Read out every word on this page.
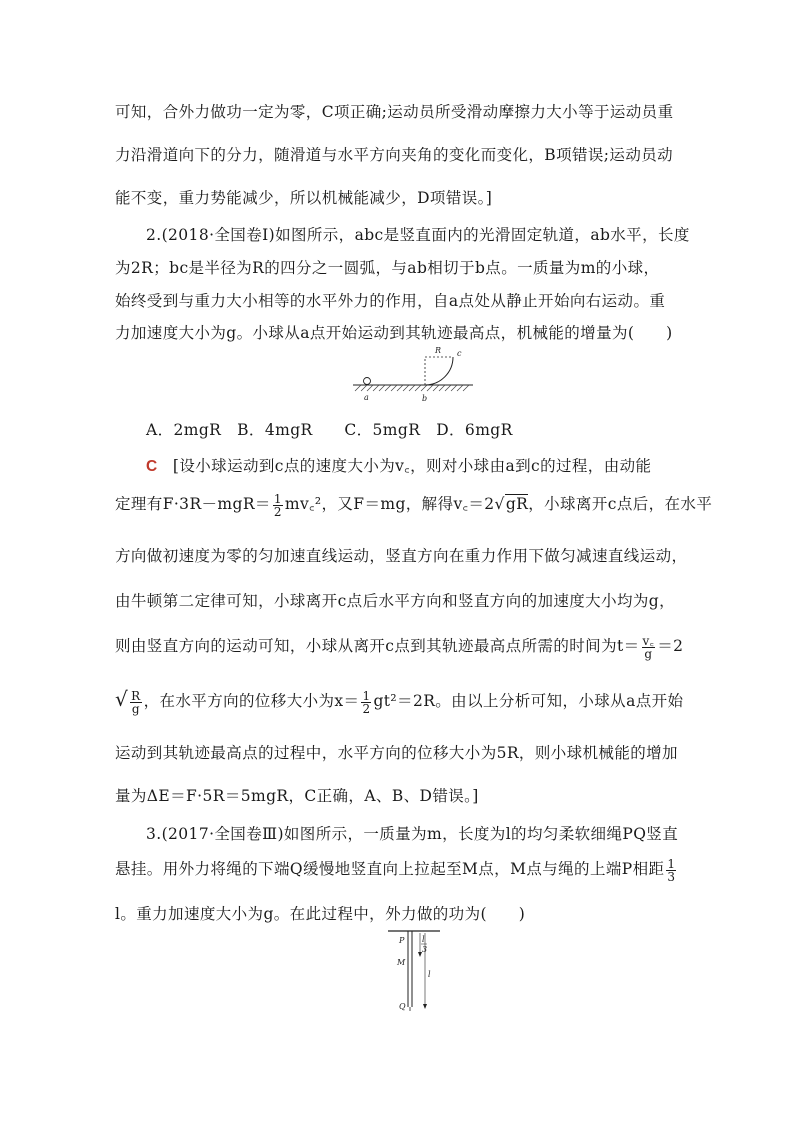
可知，合外力做功一定为零，C项正确;运动员所受滑动摩擦力大小等于运动员重
力沿滑道向下的分力，随滑道与水平方向夹角的变化而变化，B项错误;运动员动
能不变，重力势能减少，所以机械能减少，D项错误。]
2.(2018·全国卷Ⅰ)如图所示，abc是竖直面内的光滑固定轨道，ab水平，长度
为2R；bc是半径为R的四分之一圆弧，与ab相切于b点。一质量为m的小球，
始终受到与重力大小相等的水平外力的作用，自a点处从静止开始向右运动。重
力加速度大小为g。小球从a点开始运动到其轨迹最高点，机械能的增量为(　　)
R c
a	b
A．2mgR　B．4mgR　　C．5mgR　D．6mgR
C [设小球运动到c点的速度大小为v꜀，则对小球由a到c的过程，由动能
定理有$F\cdot 3R-mgR= \frac{1}{2}$ mv꜀²，又F＝mg，解得v꜀＝2√gR，小球离开c点后，在水平
方向做初速度为零的匀加速直线运动，竖直方向在重力作用下做匀减速直线运动，
由牛顿第二定律可知，小球离开c点后水平方向和竖直方向的加速度大小均为g，
则由竖直方向的运动可知，小球从离开c点到其轨迹最高点所需的时间为$t= \frac{v꜀}{g} =2$
√ $\frac{R}{g}$ ，在水平方向的位移大小为$x= \frac{1}{2} gt^2=2R$。由以上分析可知，小球从a点开始
运动到其轨迹最高点的过程中，水平方向的位移大小为5R，则小球机械能的增加
量为ΔE＝F·5R＝5mgR，C正确，A、B、D错误。]
3.(2017·全国卷Ⅲ)如图所示，一质量为m，长度为l的均匀柔软细绳PQ竖直
悬挂。用外力将绳的下端Q缓慢地竖直向上拉起至M点，M点与绳的上端P相距 $\frac{1}{3}$
l。重力加速度大小为g。在此过程中，外力做的功为(　　)
P
M
Q
l
3
l
